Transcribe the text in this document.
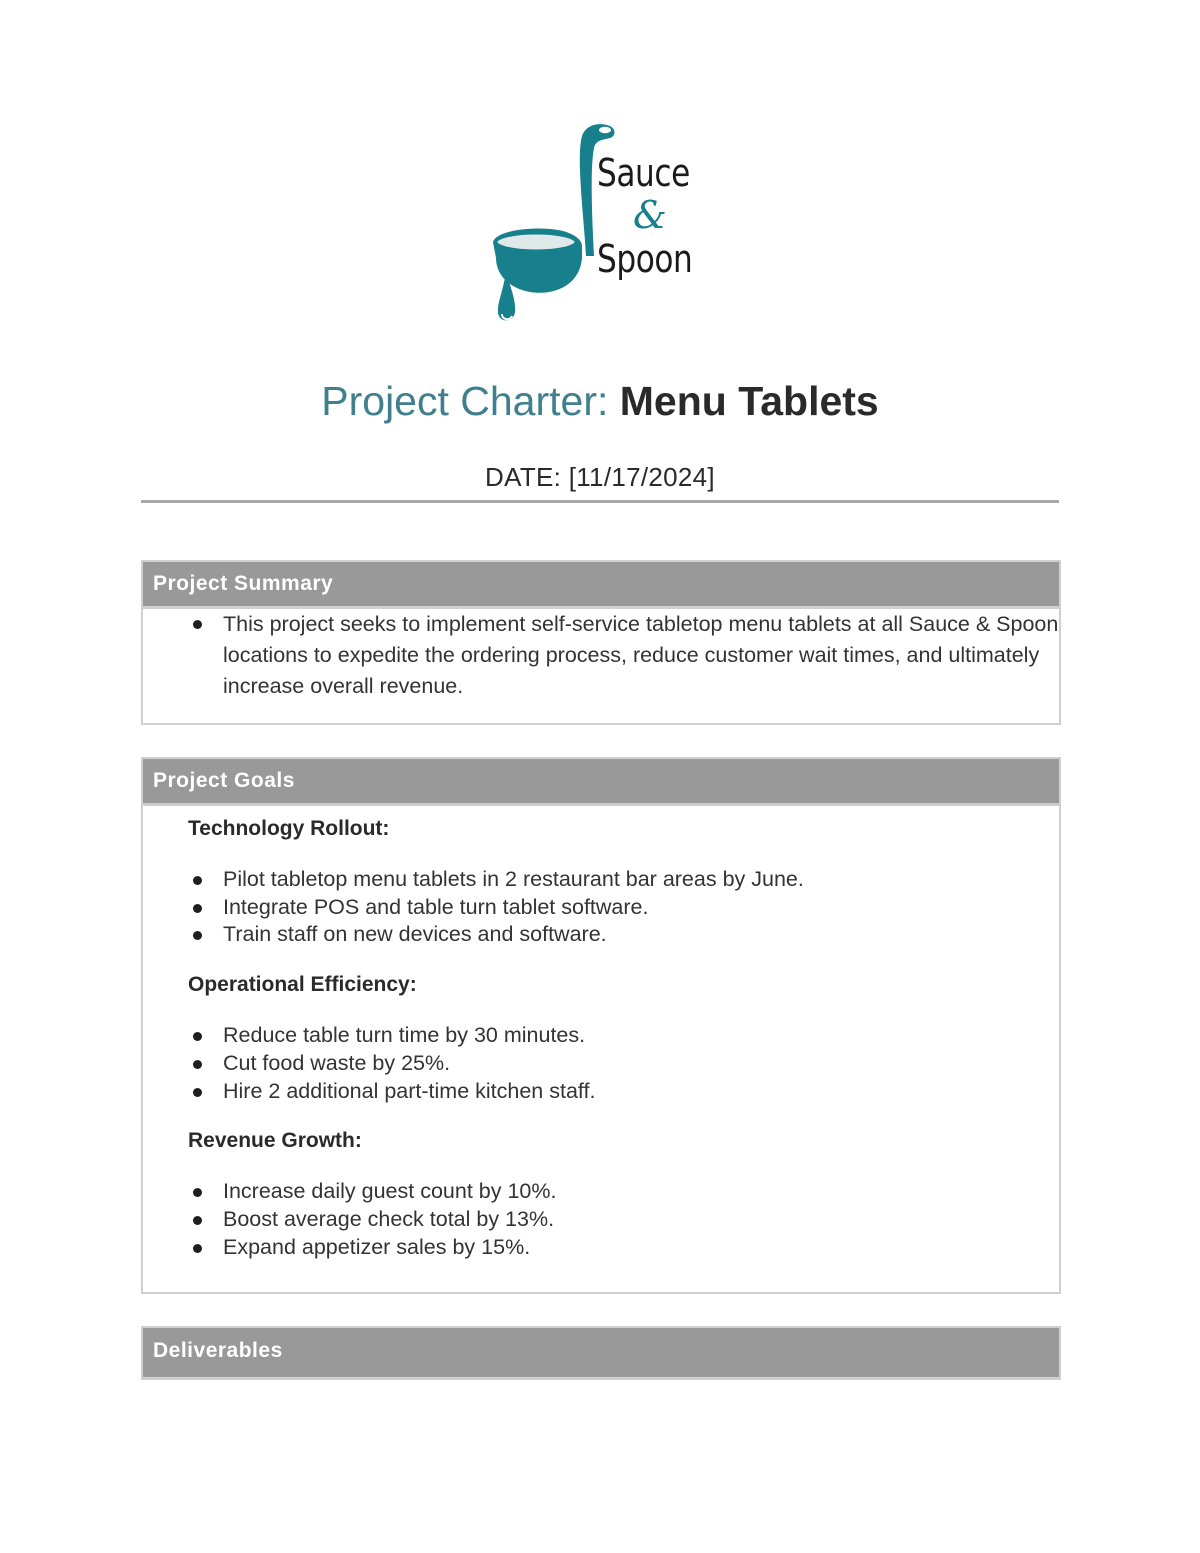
Sauce
&
Spoon
Project Charter: Menu Tablets
DATE: [11/17/2024]
Project Summary
This project seeks to implement self-service tabletop menu tablets at all Sauce & Spoon locations to expedite the ordering process, reduce customer wait times, and ultimately increase overall revenue.
Project Goals
Technology Rollout:
Pilot tabletop menu tablets in 2 restaurant bar areas by June.
Integrate POS and table turn tablet software.
Train staff on new devices and software.
Operational Efficiency:
Reduce table turn time by 30 minutes.
Cut food waste by 25%.
Hire 2 additional part-time kitchen staff.
Revenue Growth:
Increase daily guest count by 10%.
Boost average check total by 13%.
Expand appetizer sales by 15%.
Deliverables
